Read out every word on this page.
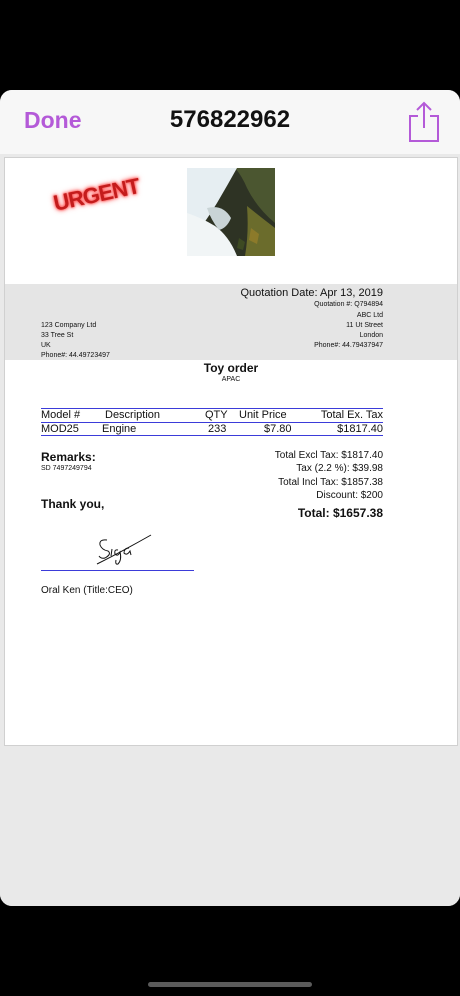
Done	576822962
URGENT
Quotation Date: Apr 13, 2019
Quotation #: Q794894
ABC Ltd
11 Ut Street
London
Phone#: 44.79437947
123 Company Ltd
33 Tree St
UK
Phone#: 44.49723497
Toy order
APAC
Model # Description	QTY Unit Price	Total Ex. Tax
MOD25 Engine	233	$7.80	$1817.40
Remarks:
SD 7497249794
Total Excl Tax: $1817.40
Tax (2.2 %): $39.98
Total Incl Tax: $1857.38
Discount: $200
Total: $1657.38
Thank you,
Oral Ken (Title:CEO)
